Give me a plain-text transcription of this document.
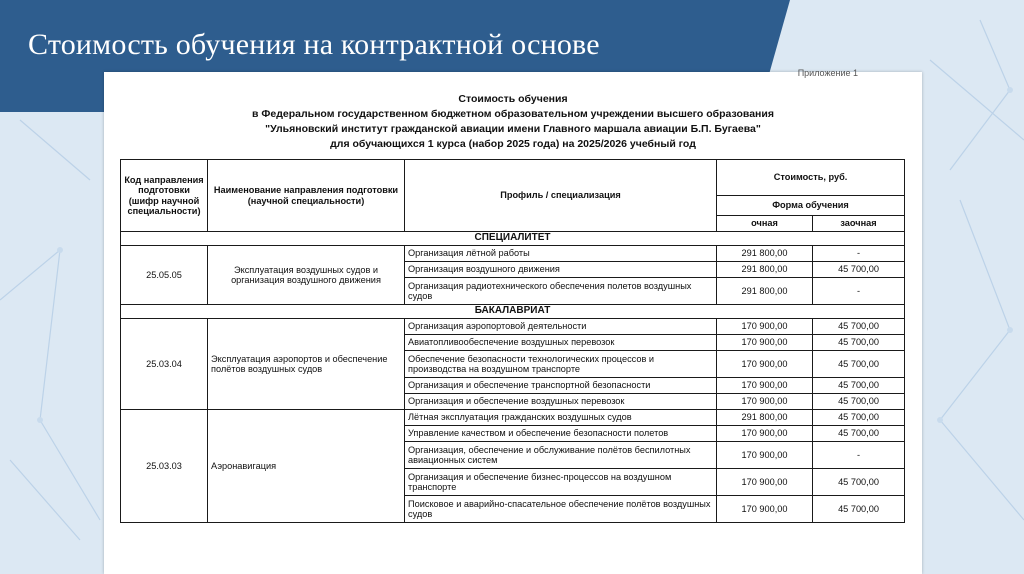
Стоимость обучения на контрактной основе
Приложение 1
Стоимость обучения
в Федеральном государственном бюджетном образовательном учреждении высшего образования
"Ульяновский институт гражданской авиации имени Главного маршала авиации Б.П. Бугаева"
для обучающихся 1 курса (набор 2025 года) на 2025/2026 учебный год
Код направления подготовки (шифр научной специальности)	Наименование направления подготовки (научной специальности)	Профиль / специализация	Стоимость, руб.	
			Форма обучения	
			очная	заочная
СПЕЦИАЛИТЕТ				
25.05.05	Эксплуатация воздушных судов и организация воздушного движения	Организация лётной работы	291 800,00	-
		Организация воздушного движения	291 800,00	45 700,00
		Организация радиотехнического обеспечения полетов воздушных судов	291 800,00	-
БАКАЛАВРИАТ				
25.03.04	Эксплуатация аэропортов и обеспечение полётов воздушных судов	Организация аэропортовой деятельности	170 900,00	45 700,00
		Авиатопливообеспечение воздушных перевозок	170 900,00	45 700,00
		Обеспечение безопасности технологических процессов и производства на воздушном транспорте	170 900,00	45 700,00
		Организация и обеспечение транспортной безопасности	170 900,00	45 700,00
		Организация и обеспечение воздушных перевозок	170 900,00	45 700,00
25.03.03	Аэронавигация	Лётная эксплуатация гражданских воздушных судов	291 800,00	45 700,00
		Управление качеством и обеспечение безопасности полетов	170 900,00	45 700,00
		Организация, обеспечение и обслуживание полётов беспилотных авиационных систем	170 900,00	-
		Организация и обеспечение бизнес-процессов на воздушном транспорте	170 900,00	45 700,00
		Поисковое и аварийно-спасательное обеспечение полётов воздушных судов	170 900,00	45 700,00
